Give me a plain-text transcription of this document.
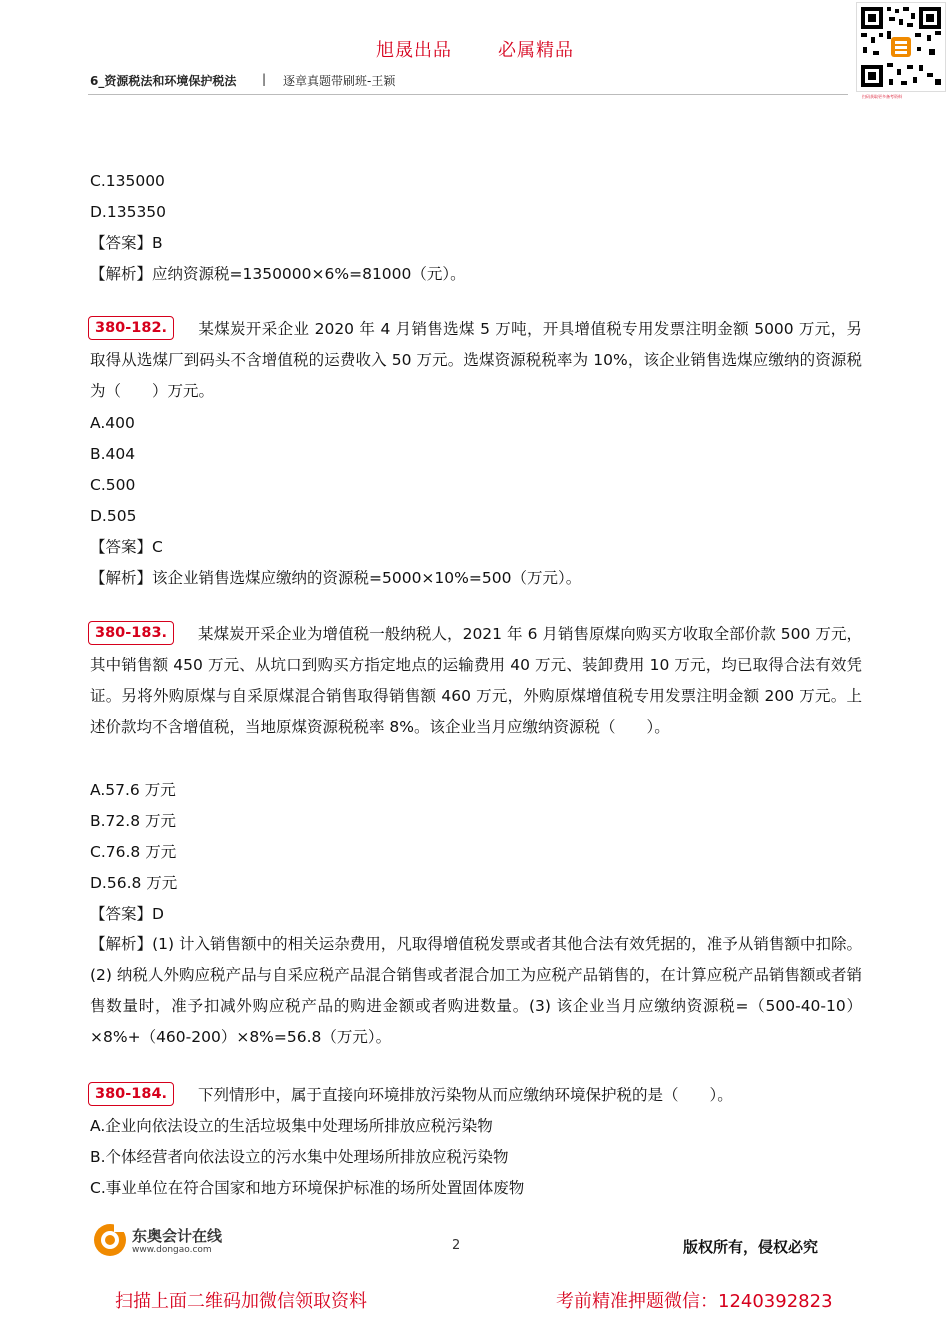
旭晟出品	必属精品
扫码获取更多备考资料
6_资源税法和环境保护税法 | 逐章真题带刷班-王颖
C.135000
D.135350
【答案】B
【解析】应纳资源税=1350000×6%=81000（元）。
380-182.	某煤炭开采企业 2020 年 4 月销售选煤 5 万吨，开具增值税专用发票注明金额 5000 万元，另取得从选煤厂到码头不含增值税的运费收入 50 万元。选煤资源税税率为 10%，该企业销售选煤应缴纳的资源税为（　　）万元。
A.400
B.404
C.500
D.505
【答案】C
【解析】该企业销售选煤应缴纳的资源税=5000×10%=500（万元）。
380-183.	某煤炭开采企业为增值税一般纳税人，2021 年 6 月销售原煤向购买方收取全部价款 500 万元，其中销售额 450 万元、从坑口到购买方指定地点的运输费用 40 万元、装卸费用 10 万元，均已取得合法有效凭证。另将外购原煤与自采原煤混合销售取得销售额 460 万元，外购原煤增值税专用发票注明金额 200 万元。上述价款均不含增值税，当地原煤资源税税率 8%。该企业当月应缴纳资源税（　　）。
A.57.6 万元
B.72.8 万元
C.76.8 万元
D.56.8 万元
【答案】D
【解析】(1) 计入销售额中的相关运杂费用，凡取得增值税发票或者其他合法有效凭据的，准予从销售额中扣除。(2) 纳税人外购应税产品与自采应税产品混合销售或者混合加工为应税产品销售的，在计算应税产品销售额或者销售数量时，准予扣减外购应税产品的购进金额或者购进数量。(3) 该企业当月应缴纳资源税=（500-40-10）×8%+（460-200）×8%=56.8（万元）。
380-184.	下列情形中，属于直接向环境排放污染物从而应缴纳环境保护税的是（　　）。
A.企业向依法设立的生活垃圾集中处理场所排放应税污染物
B.个体经营者向依法设立的污水集中处理场所排放应税污染物
C.事业单位在符合国家和地方环境保护标准的场所处置固体废物
东奥会计在线
www.dongao.com	2	版权所有，侵权必究
扫描上面二维码加微信领取资料	考前精准押题微信：1240392823
